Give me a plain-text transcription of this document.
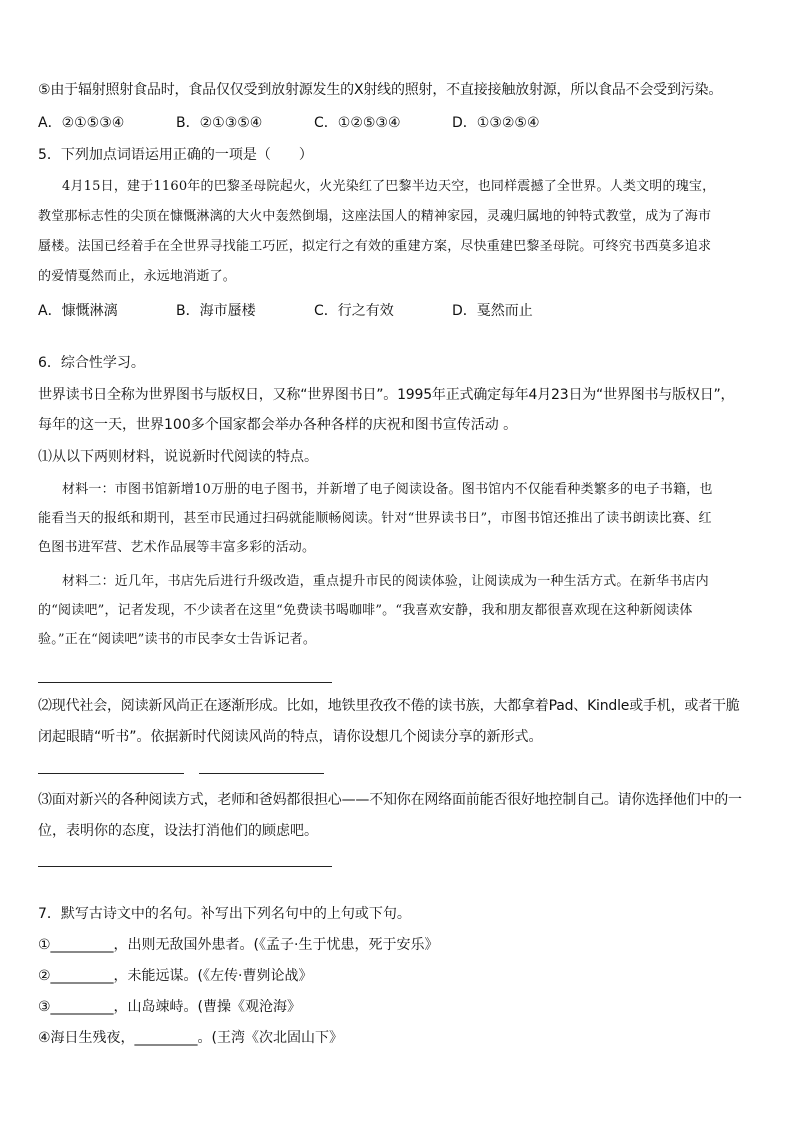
⑤由于辐射照射食品时，食品仅仅受到放射源发生的X射线的照射，不直接接触放射源，所以食品不会受到污染。
A．②①⑤③④	B．②①③⑤④	C．①②⑤③④	D．①③②⑤④
5．下列加点词语运用正确的一项是（　　）
4月15日，建于1160年的巴黎圣母院起火，火光染红了巴黎半边天空，也同样震撼了全世界。人类文明的瑰宝，
教堂那标志性的尖顶在慷慨淋漓的大火中轰然倒塌，这座法国人的精神家园，灵魂归属地的钟特式教堂，成为了海市
蜃楼。法国已经着手在全世界寻找能工巧匠，拟定行之有效的重建方案，尽快重建巴黎圣母院。可终究书西莫多追求
的爱情戛然而止，永远地消逝了。
A．慷慨淋漓	B．海市蜃楼	C．行之有效	D．戛然而止
6．综合性学习。
世界读书日全称为世界图书与版权日，又称“世界图书日”。1995年正式确定每年4月23日为“世界图书与版权日”，
每年的这一天，世界100多个国家都会举办各种各样的庆祝和图书宣传活动 。
⑴从以下两则材料，说说新时代阅读的特点。
材料一：市图书馆新增10万册的电子图书，并新增了电子阅读设备。图书馆内不仅能看种类繁多的电子书籍，也
能看当天的报纸和期刊，甚至市民通过扫码就能顺畅阅读。针对“世界读书日”，市图书馆还推出了读书朗读比赛、红
色图书进军营、艺术作品展等丰富多彩的活动。
材料二：近几年，书店先后进行升级改造，重点提升市民的阅读体验，让阅读成为一种生活方式。在新华书店内
的“阅读吧”，记者发现，不少读者在这里“免费读书喝咖啡”。“我喜欢安静，我和朋友都很喜欢现在这种新阅读体
验。”正在“阅读吧”读书的市民李女士告诉记者。
⑵现代社会，阅读新风尚正在逐渐形成。比如，地铁里孜孜不倦的读书族，大都拿着Pad、Kindle或手机，或者干脆
闭起眼睛“听书”。依据新时代阅读风尚的特点，请你设想几个阅读分享的新形式。
⑶面对新兴的各种阅读方式，老师和爸妈都很担心——不知你在网络面前能否很好地控制自己。请你选择他们中的一
位，表明你的态度，设法打消他们的顾虑吧。
7．默写古诗文中的名句。补写出下列名句中的上句或下句。
①_________，出则无敌国外患者。(《孟子·生于忧患，死于安乐》
②_________，未能远谋。(《左传·曹刿论战》
③_________，山岛竦峙。(曹操《观沧海》
④海日生残夜，_________。(王湾《次北固山下》
